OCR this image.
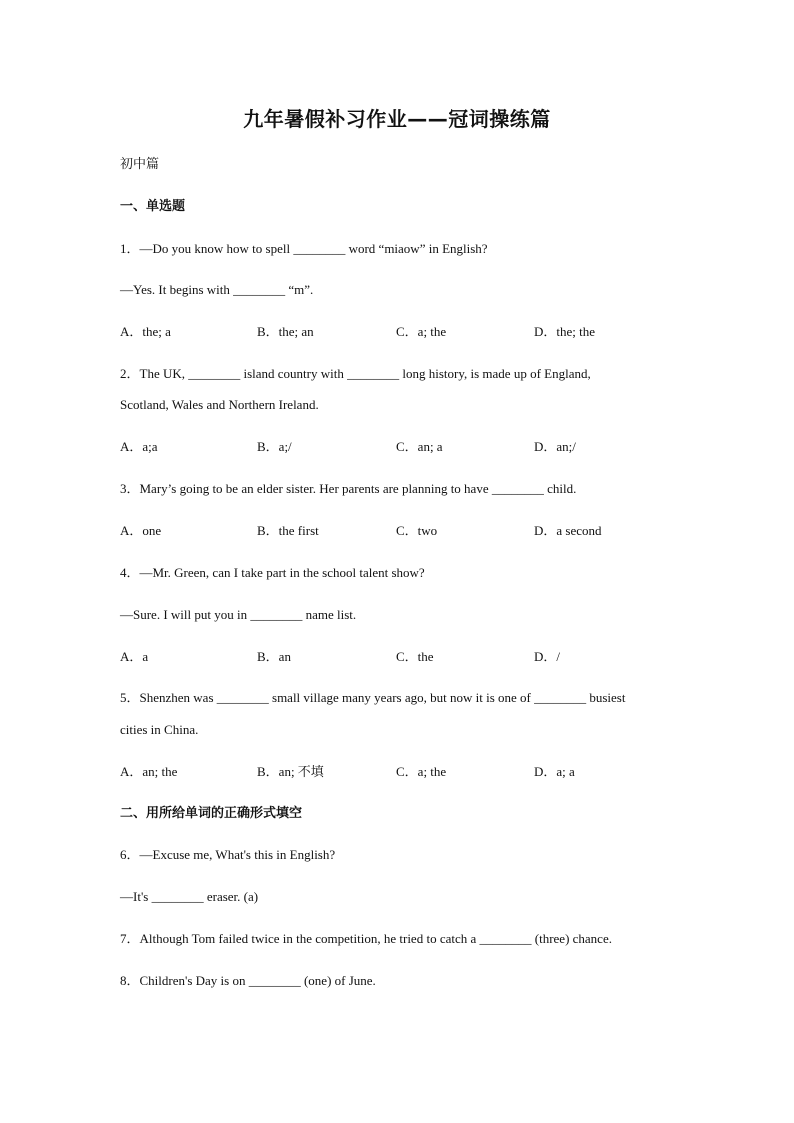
九年暑假补习作业——冠词操练篇
初中篇
一、单选题
1．—Do you know how to spell ________ word “miaow” in English?
—Yes. It begins with ________ “m”.
A．the; a	B．the; an	C．a; the	D．the; the
2．The UK, ________ island country with ________ long history, is made up of England,
Scotland, Wales and Northern Ireland.
A．a;a	B．a;/	C．an; a	D．an;/
3．Mary’s going to be an elder sister. Her parents are planning to have ________ child.
A．one	B．the first	C．two	D．a second
4．—Mr. Green, can I take part in the school talent show?
—Sure. I will put you in ________ name list.
A．a	B．an	C．the	D．/
5．Shenzhen was ________ small village many years ago, but now it is one of ________ busiest
cities in China.
A．an; the	B．an; 不填	C．a; the	D．a; a
二、用所给单词的正确形式填空
6．—Excuse me, What's this in English?
—It's ________ eraser. (a)
7．Although Tom failed twice in the competition, he tried to catch a ________ (three) chance.
8．Children's Day is on ________ (one) of June.
